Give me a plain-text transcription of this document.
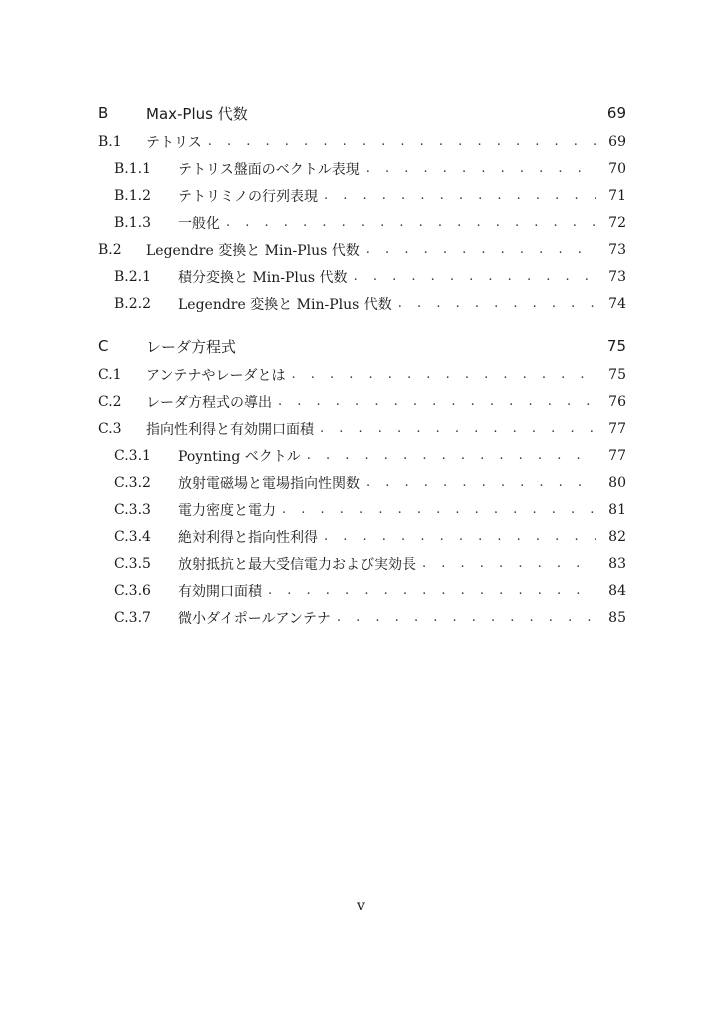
B	Max-Plus 代数	69
B.1	テトリス . . .	69
B.1.1	テトリス盤面のベクトル表現 . . .	70
B.1.2	テトリミノの行列表現 . . .	71
B.1.3	一般化 . . .	72
B.2	Legendre 変換と Min-Plus 代数 . . .	73
B.2.1	積分変換と Min-Plus 代数 . . .	73
B.2.2	Legendre 変換と Min-Plus 代数 . . .	74
C	レーダ方程式	75
C.1	アンテナやレーダとは . . .	75
C.2	レーダ方程式の導出 . . .	76
C.3	指向性利得と有効開口面積 . . .	77
C.3.1	Poynting ベクトル . . .	77
C.3.2	放射電磁場と電場指向性関数 . . .	80
C.3.3	電力密度と電力 . . .	81
C.3.4	絶対利得と指向性利得 . . .	82
C.3.5	放射抵抗と最大受信電力および実効長 . . .	83
C.3.6	有効開口面積 . . .	84
C.3.7	微小ダイポールアンテナ . . .	85
v
